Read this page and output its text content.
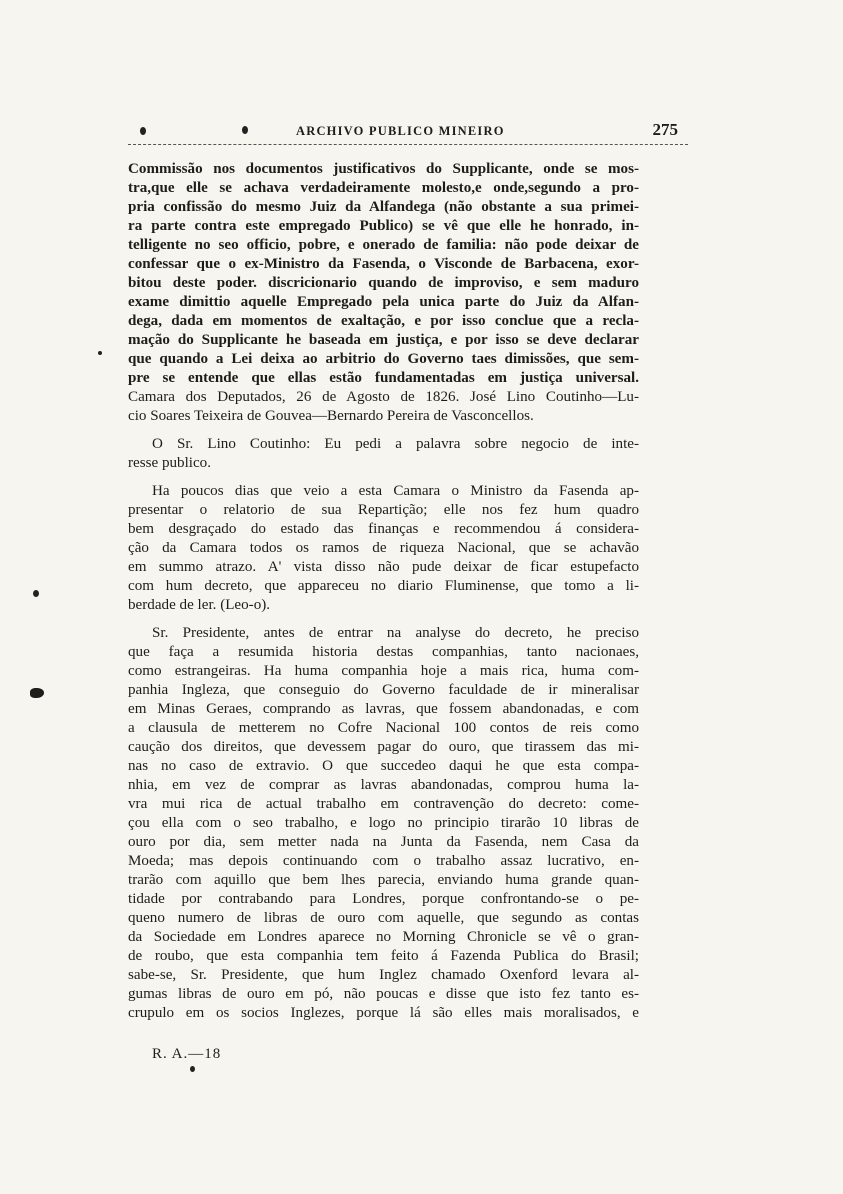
ARCHIVO PUBLICO MINEIRO	275
Commissão nos documentos justificativos do Supplicante, onde se mos-
tra,que elle se achava verdadeiramente molesto,e onde,segundo a pro-
pria confissão do mesmo Juiz da Alfandega (não obstante a sua primei-
ra parte contra este empregado Publico) se vê que elle he honrado, in-
telligente no seo officio, pobre, e onerado de familia: não pode deixar de
confessar que o ex-Ministro da Fasenda, o Visconde de Barbacena, exor-
bitou deste poder. discricionario quando de improviso, e sem maduro
exame dimittio aquelle Empregado pela unica parte do Juiz da Alfan-
dega, dada em momentos de exaltação, e por isso conclue que a recla-
mação do Supplicante he baseada em justiça, e por isso se deve declarar
que quando a Lei deixa ao arbitrio do Governo taes dimissões, que sem-
pre se entende que ellas estão fundamentadas em justiça universal.
Camara dos Deputados, 26 de Agosto de 1826. José Lino Coutinho—Lu-
cio Soares Teixeira de Gouvea—Bernardo Pereira de Vasconcellos.
O Sr. Lino Coutinho: Eu pedi a palavra sobre negocio de inte-
resse publico.
Ha poucos dias que veio a esta Camara o Ministro da Fasenda ap-
presentar o relatorio de sua Repartição; elle nos fez hum quadro
bem desgraçado do estado das finanças e recommendou á considera-
ção da Camara todos os ramos de riqueza Nacional, que se achavão
em summo atrazo. A' vista disso não pude deixar de ficar estupefacto
com hum decreto, que appareceu no diario Fluminense, que tomo a li-
berdade de ler. (Leo-o).
Sr. Presidente, antes de entrar na analyse do decreto, he preciso
que faça a resumida historia destas companhias, tanto nacionaes,
como estrangeiras. Ha huma companhia hoje a mais rica, huma com-
panhia Ingleza, que conseguio do Governo faculdade de ir mineralisar
em Minas Geraes, comprando as lavras, que fossem abandonadas, e com
a clausula de metterem no Cofre Nacional 100 contos de reis como
caução dos direitos, que devessem pagar do ouro, que tirassem das mi-
nas no caso de extravio. O que succedeo daqui he que esta compa-
nhia, em vez de comprar as lavras abandonadas, comprou huma la-
vra mui rica de actual trabalho em contravenção do decreto: come-
çou ella com o seo trabalho, e logo no principio tirarão 10 libras de
ouro por dia, sem metter nada na Junta da Fasenda, nem Casa da
Moeda; mas depois continuando com o trabalho assaz lucrativo, en-
trarão com aquillo que bem lhes parecia, enviando huma grande quan-
tidade por contrabando para Londres, porque confrontando-se o pe-
queno numero de libras de ouro com aquelle, que segundo as contas
da Sociedade em Londres aparece no Morning Chronicle se vê o gran-
de roubo, que esta companhia tem feito á Fazenda Publica do Brasil;
sabe-se, Sr. Presidente, que hum Inglez chamado Oxenford levara al-
gumas libras de ouro em pó, não poucas e disse que isto fez tanto es-
crupulo em os socios Inglezes, porque lá são elles mais moralisados, e
R. A.—18
